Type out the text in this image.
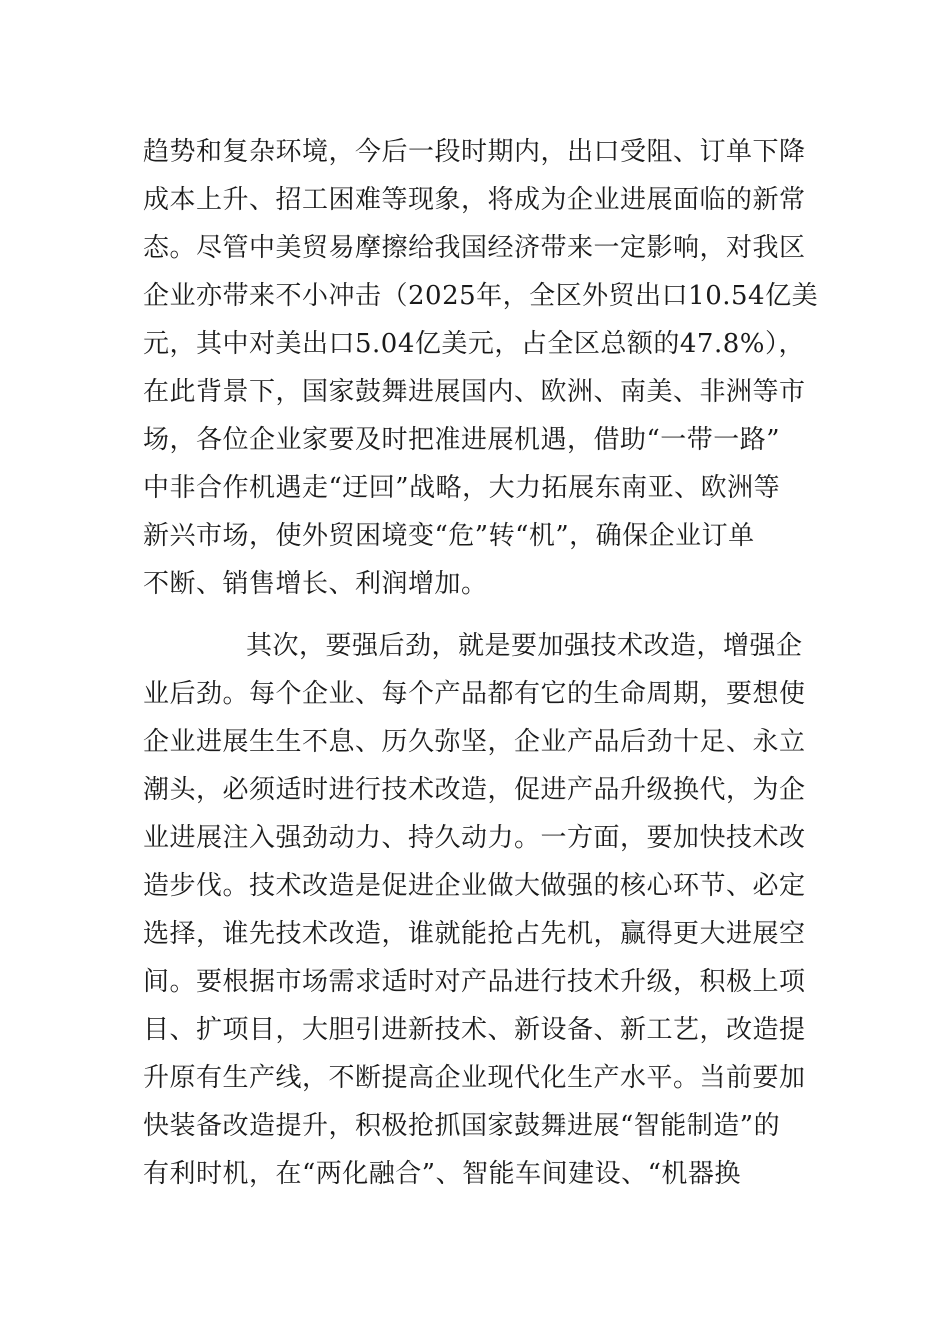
趋势和复杂环境，今后一段时期内，出口受阻、订单下降
成本上升、招工困难等现象，将成为企业进展面临的新常
态。尽管中美贸易摩擦给我国经济带来一定影响，对我区
企业亦带来不小冲击（2025年，全区外贸出口10.54亿美
元，其中对美出口5.04亿美元，占全区总额的47.8%），
在此背景下，国家鼓舞进展国内、欧洲、南美、非洲等市
场，各位企业家要及时把准进展机遇，借助“一带一路”
中非合作机遇走“迂回”战略，大力拓展东南亚、欧洲等
新兴市场，使外贸困境变“危”转“机”，确保企业订单
不断、销售增长、利润增加。
其次，要强后劲，就是要加强技术改造，增强企
业后劲。每个企业、每个产品都有它的生命周期，要想使
企业进展生生不息、历久弥坚，企业产品后劲十足、永立
潮头，必须适时进行技术改造，促进产品升级换代，为企
业进展注入强劲动力、持久动力。一方面，要加快技术改
造步伐。技术改造是促进企业做大做强的核心环节、必定
选择，谁先技术改造，谁就能抢占先机，赢得更大进展空
间。要根据市场需求适时对产品进行技术升级，积极上项
目、扩项目，大胆引进新技术、新设备、新工艺，改造提
升原有生产线，不断提高企业现代化生产水平。当前要加
快装备改造提升，积极抢抓国家鼓舞进展“智能制造”的
有利时机，在“两化融合”、智能车间建设、“机器换
